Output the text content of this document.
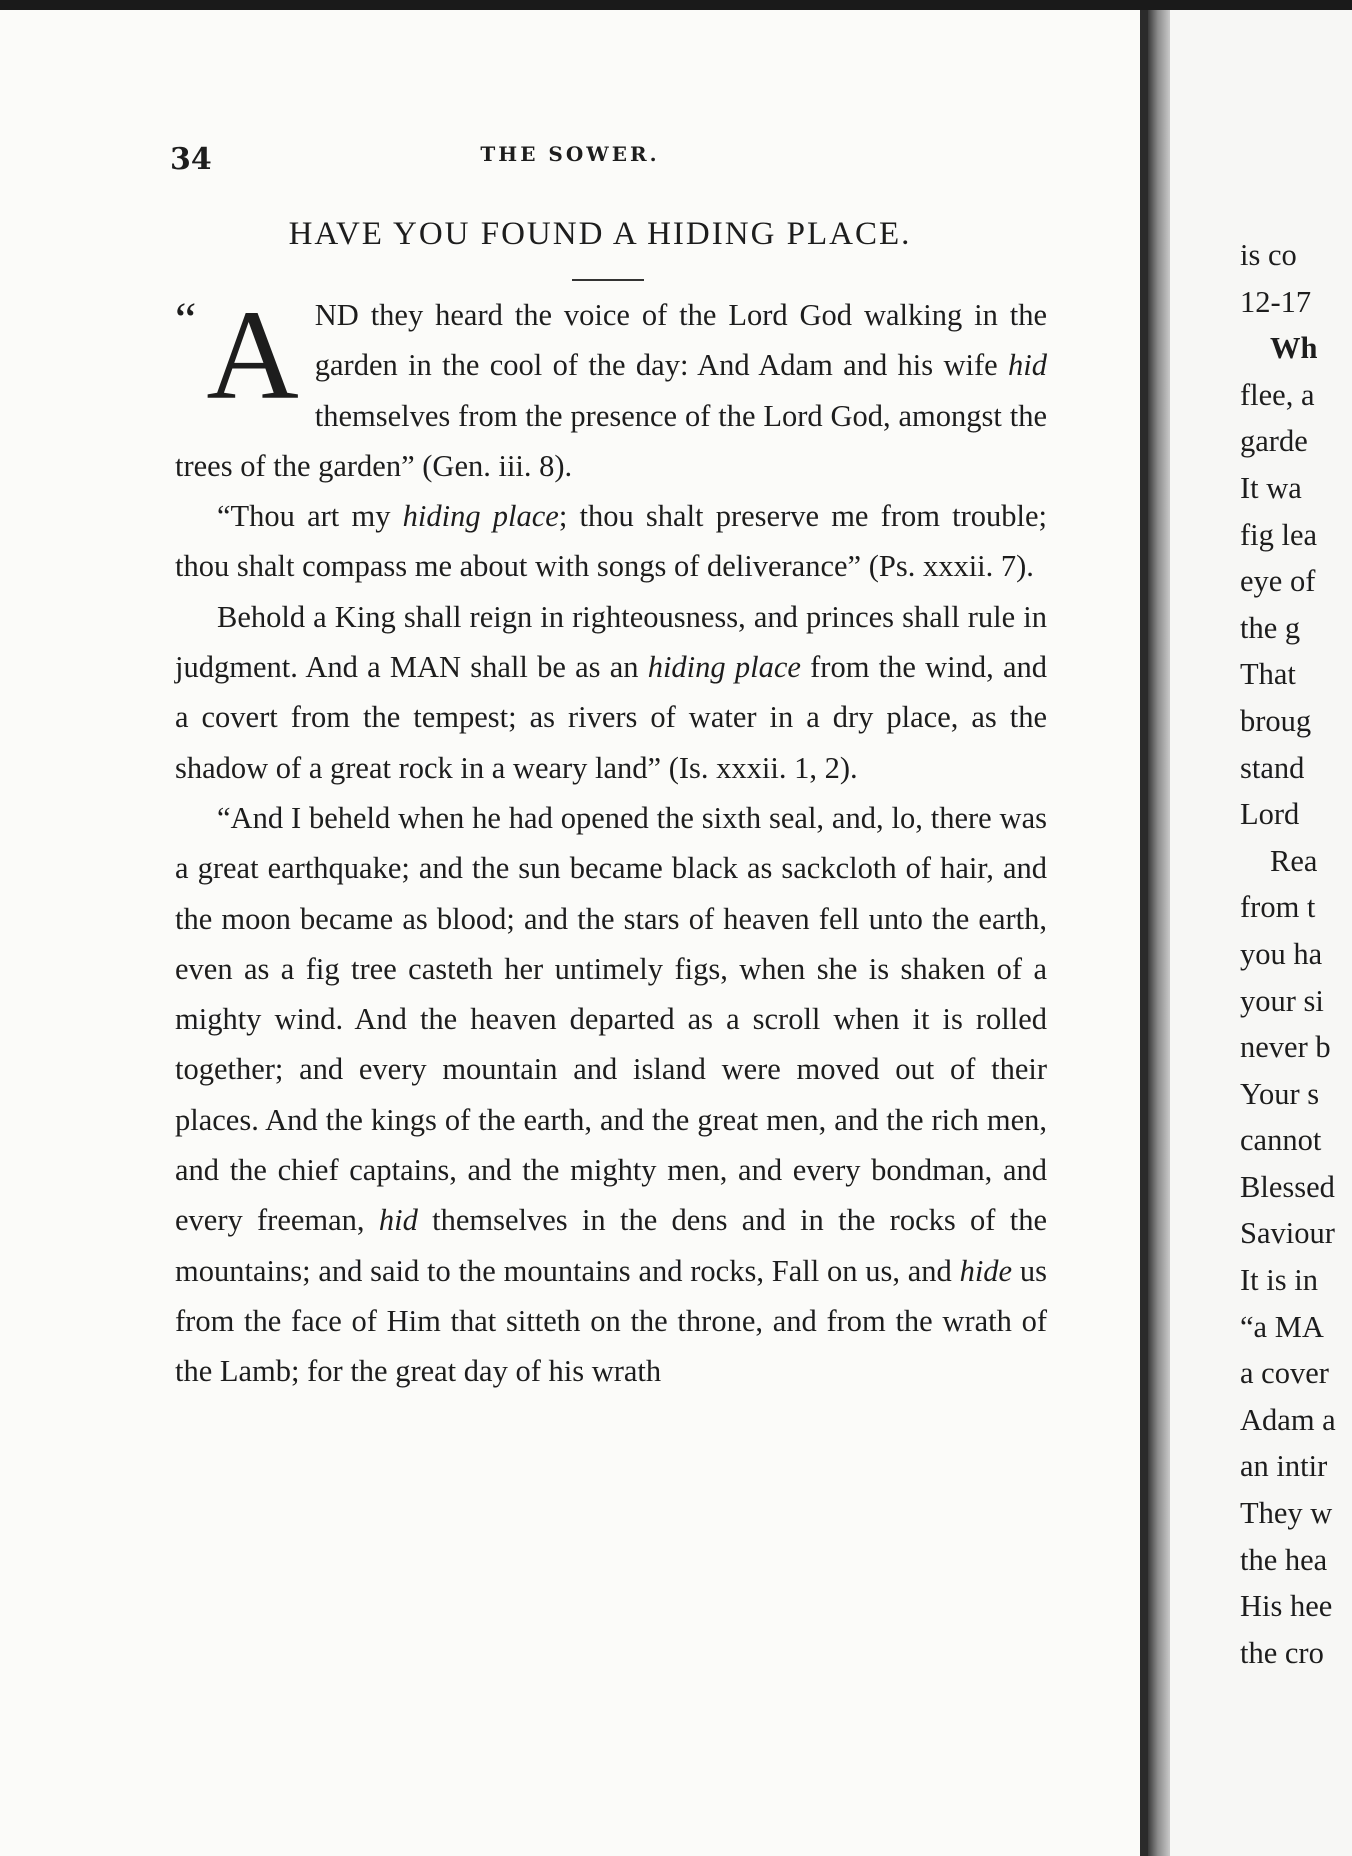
34	THE SOWER.
HAVE YOU FOUND A HIDING PLACE.

“ A ND they heard the voice of the Lord God walking in the garden in the cool of the day: And Adam and his wife hid themselves from the presence of the Lord God, amongst the trees of the garden” (Gen. iii. 8).

“Thou art my hiding place; thou shalt preserve me from trouble; thou shalt compass me about with songs of deliverance” (Ps. xxxii. 7).

Behold a King shall reign in righteousness, and princes shall rule in judgment. And a MAN shall be as an hiding place from the wind, and a covert from the tempest; as rivers of water in a dry place, as the shadow of a great rock in a weary land” (Is. xxxii. 1, 2).

“And I beheld when he had opened the sixth seal, and, lo, there was a great earthquake; and the sun became black as sackcloth of hair, and the moon became as blood; and the stars of heaven fell unto the earth, even as a fig tree casteth her untimely figs, when she is shaken of a mighty wind. And the heaven departed as a scroll when it is rolled together; and every mountain and island were moved out of their places. And the kings of the earth, and the great men, and the rich men, and the chief captains, and the mighty men, and every bondman, and every freeman, hid themselves in the dens and in the rocks of the mountains; and said to the mountains and rocks, Fall on us, and hide us from the face of Him that sitteth on the throne, and from the wrath of the Lamb; for the great day of his wrath

is co
12-17
Wh
flee, a
garde
It wa
fig lea
eye of
the g
That
broug
stand
Lord
Rea
from t
you ha
your si
never b
Your s
cannot
Blessed
Saviour
It is in
“a MA
a cover
Adam a
an intir
They w
the hea
His hee
the cro
